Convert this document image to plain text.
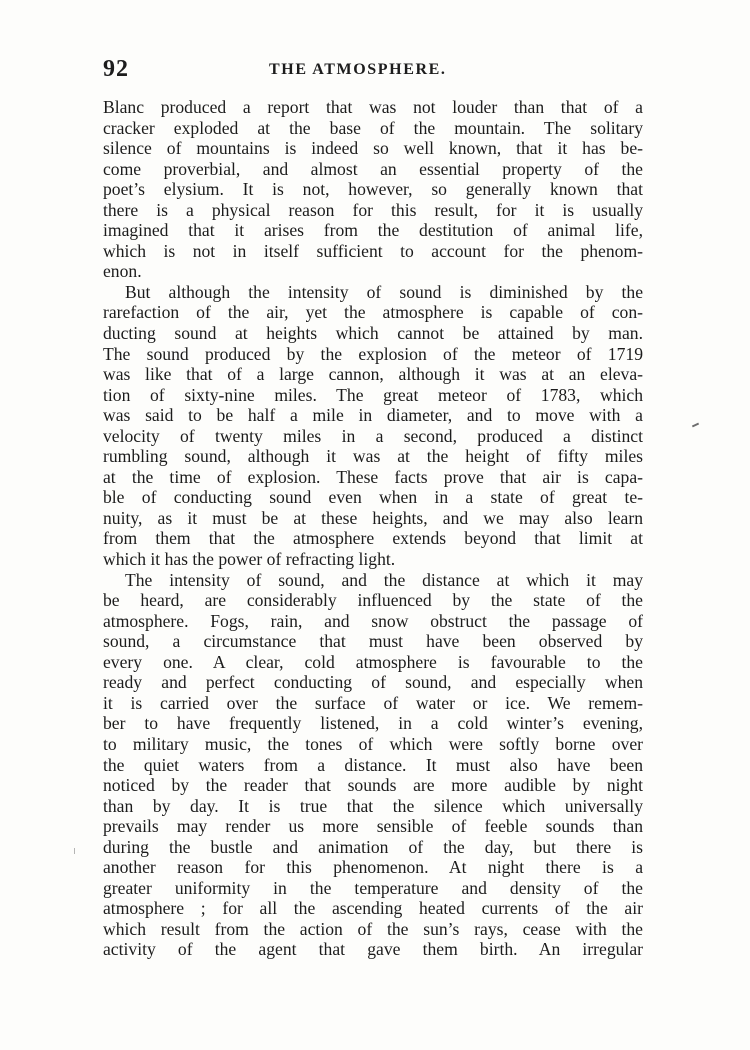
92	THE ATMOSPHERE.
Blanc produced a report that was not louder than that of a
cracker exploded at the base of the mountain. The solitary
silence of mountains is indeed so well known, that it has be-
come proverbial, and almost an essential property of the
poet’s elysium. It is not, however, so generally known that
there is a physical reason for this result, for it is usually
imagined that it arises from the destitution of animal life,
which is not in itself sufficient to account for the phenom-
enon.
But although the intensity of sound is diminished by the
rarefaction of the air, yet the atmosphere is capable of con-
ducting sound at heights which cannot be attained by man.
The sound produced by the explosion of the meteor of 1719
was like that of a large cannon, although it was at an eleva-
tion of sixty-nine miles. The great meteor of 1783, which
was said to be half a mile in diameter, and to move with a
velocity of twenty miles in a second, produced a distinct
rumbling sound, although it was at the height of fifty miles
at the time of explosion. These facts prove that air is capa-
ble of conducting sound even when in a state of great te-
nuity, as it must be at these heights, and we may also learn
from them that the atmosphere extends beyond that limit at
which it has the power of refracting light.
The intensity of sound, and the distance at which it may
be heard, are considerably influenced by the state of the
atmosphere. Fogs, rain, and snow obstruct the passage of
sound, a circumstance that must have been observed by
every one. A clear, cold atmosphere is favourable to the
ready and perfect conducting of sound, and especially when
it is carried over the surface of water or ice. We remem-
ber to have frequently listened, in a cold winter’s evening,
to military music, the tones of which were softly borne over
the quiet waters from a distance. It must also have been
noticed by the reader that sounds are more audible by night
than by day. It is true that the silence which universally
prevails may render us more sensible of feeble sounds than
during the bustle and animation of the day, but there is
another reason for this phenomenon. At night there is a
greater uniformity in the temperature and density of the
atmosphere ; for all the ascending heated currents of the air
which result from the action of the sun’s rays, cease with the
activity of the agent that gave them birth. An irregular
